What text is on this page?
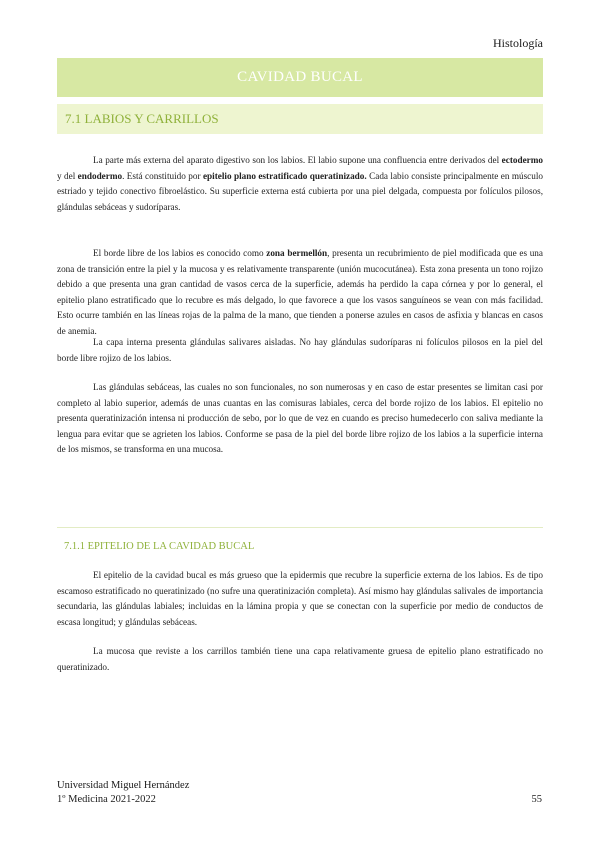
Histología
CAVIDAD BUCAL
7.1 LABIOS Y CARRILLOS

La parte más externa del aparato digestivo son los labios. El labio supone una confluencia entre derivados del ectodermo y del endodermo. Está constituido por epitelio plano estratificado queratinizado. Cada labio consiste principalmente en músculo estriado y tejido conectivo fibroelástico. Su superficie externa está cubierta por una piel delgada, compuesta por folículos pilosos, glándulas sebáceas y sudoríparas.

El borde libre de los labios es conocido como zona bermellón, presenta un recubrimiento de piel modificada que es una zona de transición entre la piel y la mucosa y es relativamente transparente (unión mucocutánea). Esta zona presenta un tono rojizo debido a que presenta una gran cantidad de vasos cerca de la superficie, además ha perdido la capa córnea y por lo general, el epitelio plano estratificado que lo recubre es más delgado, lo que favorece a que los vasos sanguíneos se vean con más facilidad. Esto ocurre también en las líneas rojas de la palma de la mano, que tienden a ponerse azules en casos de asfixia y blancas en casos de anemia.

La capa interna presenta glándulas salivares aisladas. No hay glándulas sudoríparas ni folículos pilosos en la piel del borde libre rojizo de los labios.

Las glándulas sebáceas, las cuales no son funcionales, no son numerosas y en caso de estar presentes se limitan casi por completo al labio superior, además de unas cuantas en las comisuras labiales, cerca del borde rojizo de los labios. El epitelio no presenta queratinización intensa ni producción de sebo, por lo que de vez en cuando es preciso humedecerlo con saliva mediante la lengua para evitar que se agrieten los labios. Conforme se pasa de la piel del borde libre rojizo de los labios a la superficie interna de los mismos, se transforma en una mucosa.

7.1.1 EPITELIO DE LA CAVIDAD BUCAL

El epitelio de la cavidad bucal es más grueso que la epidermis que recubre la superficie externa de los labios. Es de tipo escamoso estratificado no queratinizado (no sufre una queratinización completa). Así mismo hay glándulas salivales de importancia secundaria, las glándulas labiales; incluidas en la lámina propia y que se conectan con la superficie por medio de conductos de escasa longitud; y glándulas sebáceas.

La mucosa que reviste a los carrillos también tiene una capa relativamente gruesa de epitelio plano estratificado no queratinizado.

Universidad Miguel Hernández
1º Medicina 2021-2022	55
